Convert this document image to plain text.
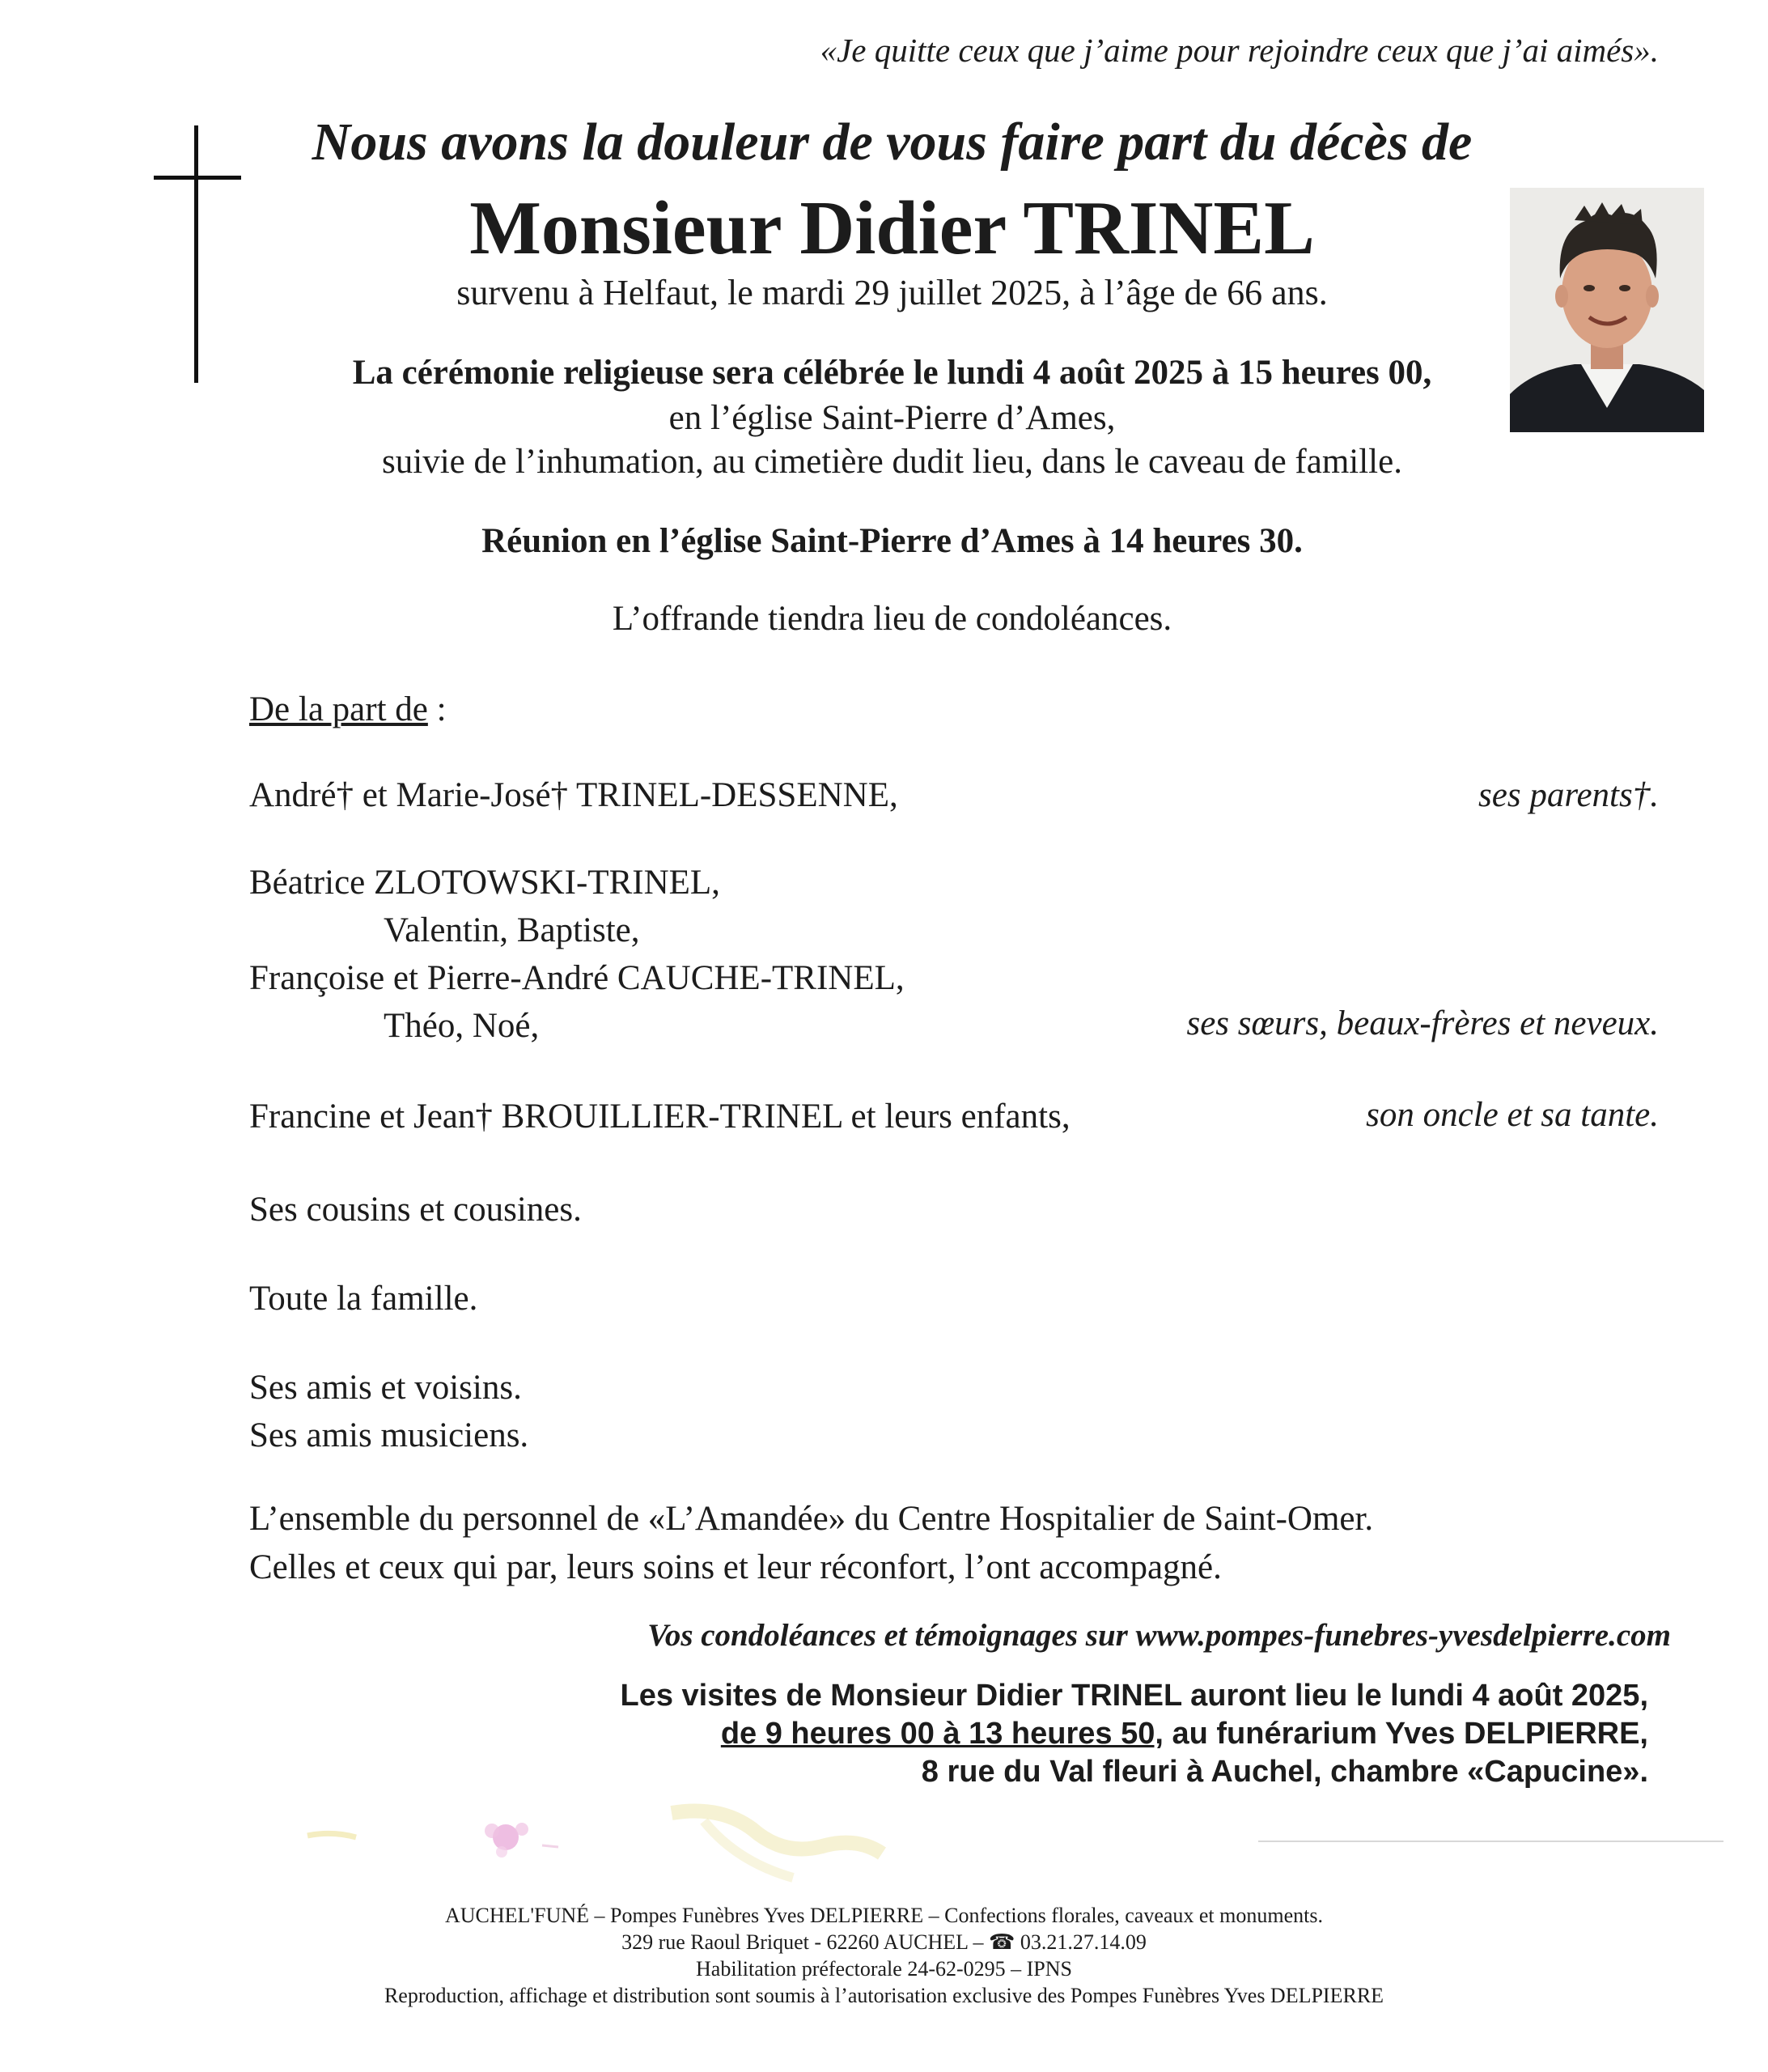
«Je quitte ceux que j’aime pour rejoindre ceux que j’ai aimés».
Nous avons la douleur de vous faire part du décès de
Monsieur Didier TRINEL
survenu à Helfaut, le mardi 29 juillet 2025, à l’âge de 66 ans.
La cérémonie religieuse sera célébrée le lundi 4 août 2025 à 15 heures 00,
en l’église Saint-Pierre d’Ames,
suivie de l’inhumation, au cimetière dudit lieu, dans le caveau de famille.
Réunion en l’église Saint-Pierre d’Ames à 14 heures 30.
L’offrande tiendra lieu de condoléances.
De la part de :
André† et Marie-José† TRINEL-DESSENNE,	ses parents†.
Béatrice ZLOTOWSKI-TRINEL,
Valentin, Baptiste,
Françoise et Pierre-André CAUCHE-TRINEL,
Théo, Noé,	ses sœurs, beaux-frères et neveux.
Francine et Jean† BROUILLIER-TRINEL et leurs enfants,	son oncle et sa tante.
Ses cousins et cousines.
Toute la famille.
Ses amis et voisins.
Ses amis musiciens.
L’ensemble du personnel de «L’Amandée» du Centre Hospitalier de Saint-Omer.
Celles et ceux qui par, leurs soins et leur réconfort, l’ont accompagné.
Vos condoléances et témoignages sur www.pompes-funebres-yvesdelpierre.com
Les visites de Monsieur Didier TRINEL auront lieu le lundi 4 août 2025,
de 9 heures 00 à 13 heures 50, au funérarium Yves DELPIERRE,
8 rue du Val fleuri à Auchel, chambre «Capucine».
AUCHEL'FUNÉ – Pompes Funèbres Yves DELPIERRE – Confections florales, caveaux et monuments.
329 rue Raoul Briquet - 62260 AUCHEL – ☎ 03.21.27.14.09
Habilitation préfectorale 24-62-0295 – IPNS
Reproduction, affichage et distribution sont soumis à l’autorisation exclusive des Pompes Funèbres Yves DELPIERRE
